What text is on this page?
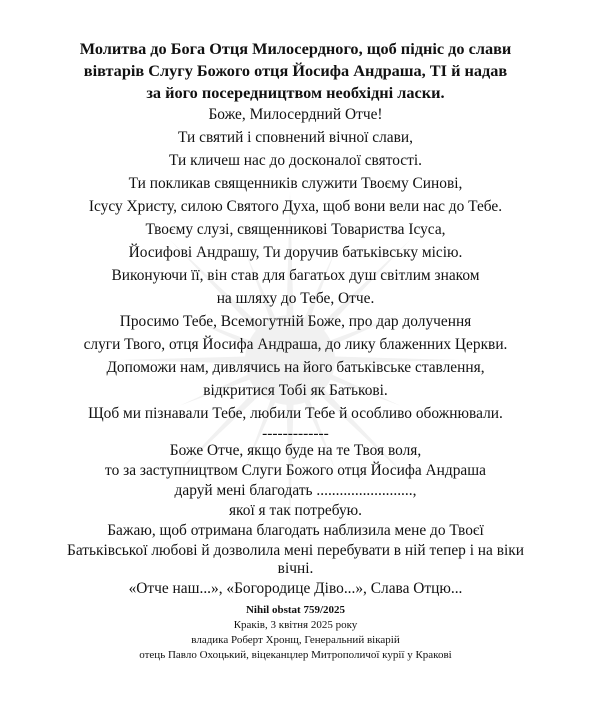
Молитва до Бога Отця Милосердного, щоб підніс до слави
вівтарів Слугу Божого отця Йосифа Андраша, ТІ й надав
за його посередництвом необхідні ласки.
Боже, Милосердний Отче!
Ти святий і сповнений вічної слави,
Ти кличеш нас до досконалої святості.
Ти покликав священників служити Твоєму Синові,
Ісусу Христу, силою Святого Духа, щоб вони вели нас до Тебе.
Твоєму слузі, священникові Товариства Ісуса,
Йосифові Андрашу, Ти доручив батьківську місію.
Виконуючи її, він став для багатьох душ світлим знаком
на шляху до Тебе, Отче.
Просимо Тебе, Всемогутній Боже, про дар долучення
слуги Твого, отця Йосифа Андраша, до лику блаженних Церкви.
Допоможи нам, дивлячись на його батьківське ставлення,
відкритися Тобі як Батькові.
Щоб ми пізнавали Тебе, любили Тебе й особливо обожнювали.
-------------
Боже Отче, якщо буде на те Твоя воля,
то за заступництвом Слуги Божого отця Йосифа Андраша
даруй мені благодать .........................,
якої я так потребую.
Бажаю, щоб отримана благодать наблизила мене до Твоєї
Батьківської любові й дозволила мені перебувати в ній тепер і на віки
вічні.
«Отче наш...», «Богородице Діво...», Слава Отцю...
Nihil obstat 759/2025
Краків, 3 квітня 2025 року
владика Роберт Хронщ, Генеральний вікарій
отець Павло Охоцький, віцеканцлер Митрополичої курії у Кракові
